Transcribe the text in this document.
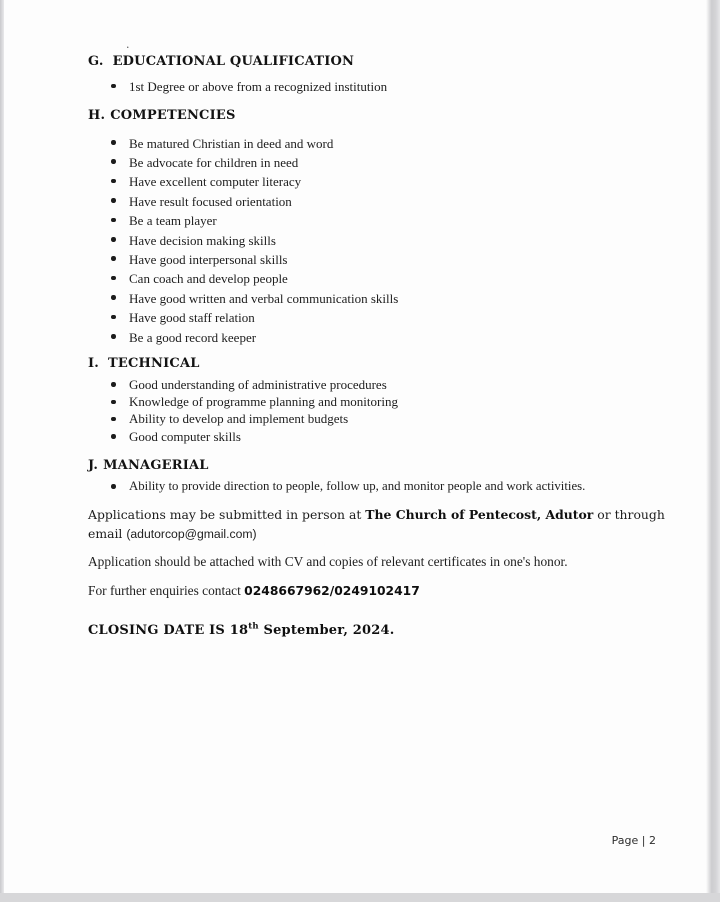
.

G. EDUCATIONAL QUALIFICATION

1st Degree or above from a recognized institution

H. COMPETENCIES

Be matured Christian in deed and word
Be advocate for children in need
Have excellent computer literacy
Have result focused orientation
Be a team player
Have decision making skills
Have good interpersonal skills
Can coach and develop people
Have good written and verbal communication skills
Have good staff relation
Be a good record keeper

I. TECHNICAL

Good understanding of administrative procedures
Knowledge of programme planning and monitoring
Ability to develop and implement budgets
Good computer skills

J. MANAGERIAL

Ability to provide direction to people, follow up, and monitor people and work activities.

Applications may be submitted in person at The Church of Pentecost, Adutor or through
email (adutorcop@gmail.com)

Application should be attached with CV and copies of relevant certificates in one's honor.

For further enquiries contact 0248667962/0249102417

CLOSING DATE IS 18th September, 2024.

Page | 2
